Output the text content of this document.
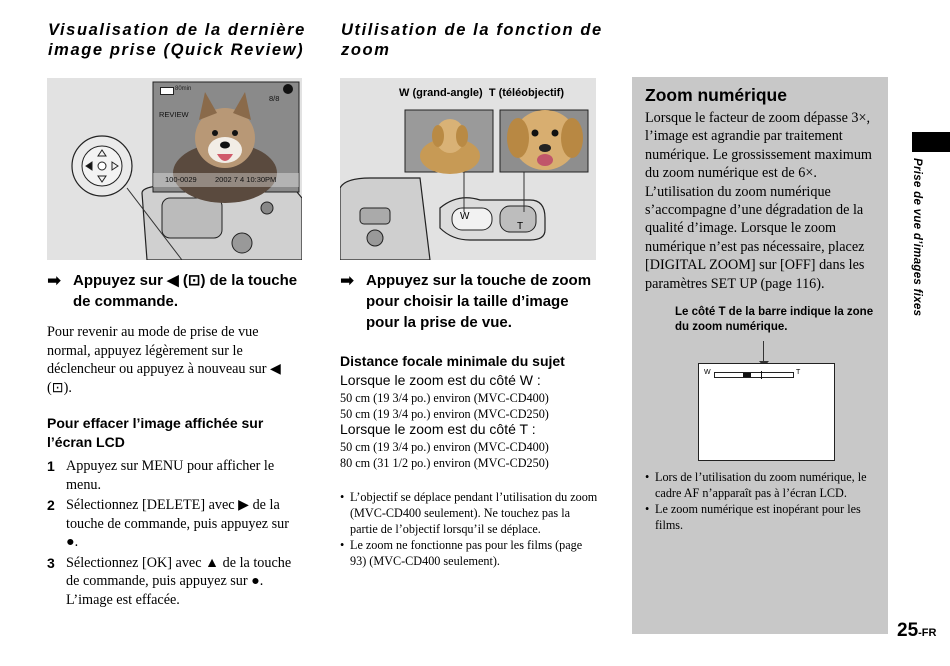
Visualisation de la dernière image prise (Quick Review)
80min
REVIEW
8/8
100-0029 2002 7 4 10:30PM
➡ Appuyez sur ◀ (⊡) de la touche de commande.
Pour revenir au mode de prise de vue normal, appuyez légèrement sur le déclencheur ou appuyez à nouveau sur ◀ (⊡).
Pour effacer l’image affichée sur l’écran LCD
1 Appuyez sur MENU pour afficher le menu.
2 Sélectionnez [DELETE] avec ▶ de la touche de commande, puis appuyez sur ●.
3 Sélectionnez [OK] avec ▲ de la touche de commande, puis appuyez sur ●. L’image est effacée.
Utilisation de la fonction de zoom
W (grand-angle)  T (téléobjectif)
W
T
➡ Appuyez sur la touche de zoom pour choisir la taille d’image pour la prise de vue.
Distance focale minimale du sujet
Lorsque le zoom est du côté W :
50 cm (19 3/4 po.) environ (MVC-CD400)
50 cm (19 3/4 po.) environ (MVC-CD250)
Lorsque le zoom est du côté T :
50 cm (19 3/4 po.) environ (MVC-CD400)
80 cm (31 1/2 po.) environ (MVC-CD250)
• L’objectif se déplace pendant l’utilisation du zoom (MVC-CD400 seulement). Ne touchez pas la partie de l’objectif lorsqu’il se déplace.
• Le zoom ne fonctionne pas pour les films (page 93) (MVC-CD400 seulement).
Zoom numérique
Lorsque le facteur de zoom dépasse 3×, l’image est agrandie par traitement numérique. Le grossissement maximum du zoom numérique est de 6×. L’utilisation du zoom numérique s’accompagne d’une dégradation de la qualité d’image. Lorsque le zoom numérique n’est pas nécessaire, placez [DIGITAL ZOOM] sur [OFF] dans les paramètres SET UP (page 116).
Le côté T de la barre indique la zone du zoom numérique.
W	T
• Lors de l’utilisation du zoom numérique, le cadre AF n’apparaît pas à l’écran LCD.
• Le zoom numérique est inopérant pour les films.
Prise de vue d’images fixes
25-FR
